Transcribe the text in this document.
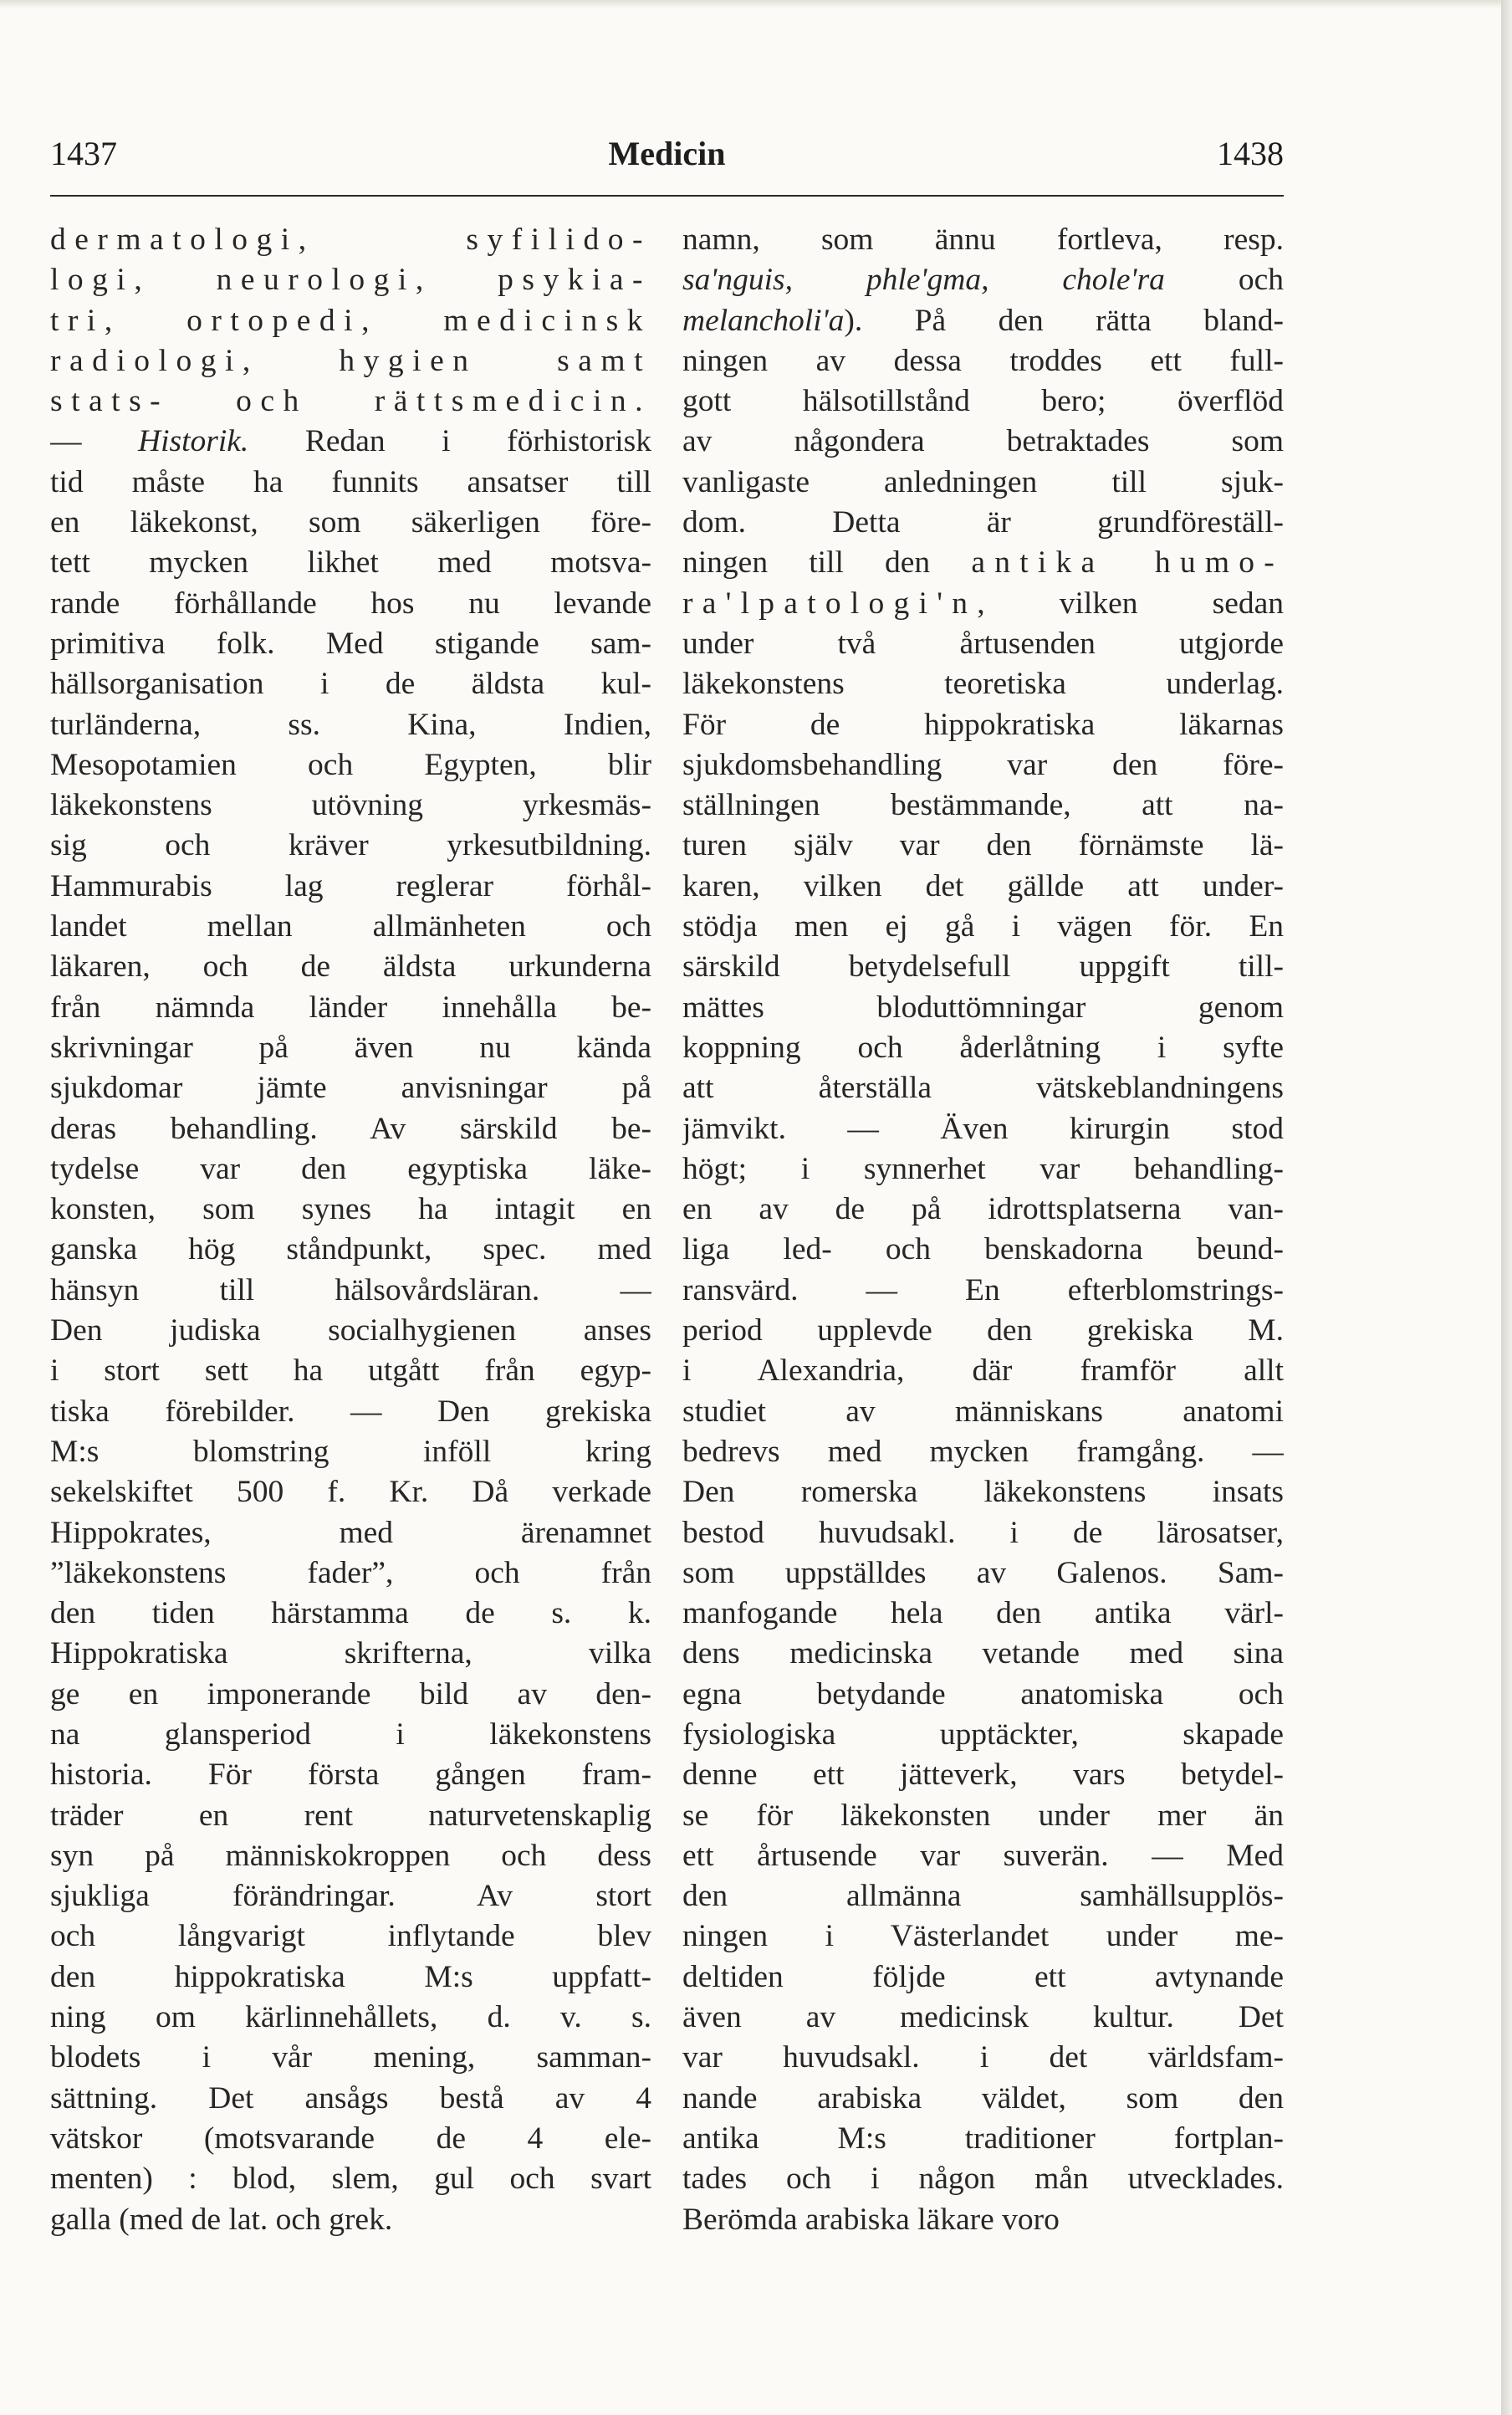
1437	Medicin	1438
dermatologi, syfilido-
logi, neurologi, psykia-
tri, ortopedi, medicinsk
radiologi, hygien samt
stats- och rättsmedicin.
— Historik. Redan i förhistorisk
tid måste ha funnits ansatser till
en läkekonst, som säkerligen före-
tett mycken likhet med motsva-
rande förhållande hos nu levande
primitiva folk. Med stigande sam-
hällsorganisation i de äldsta kul-
turländerna, ss. Kina, Indien,
Mesopotamien och Egypten, blir
läkekonstens utövning yrkesmäs-
sig och kräver yrkesutbildning.
Hammurabis lag reglerar förhål-
landet mellan allmänheten och
läkaren, och de äldsta urkunderna
från nämnda länder innehålla be-
skrivningar på även nu kända
sjukdomar jämte anvisningar på
deras behandling. Av särskild be-
tydelse var den egyptiska läke-
konsten, som synes ha intagit en
ganska hög ståndpunkt, spec. med
hänsyn till hälsovårdsläran. —
Den judiska socialhygienen anses
i stort sett ha utgått från egyp-
tiska förebilder. — Den grekiska
M:s blomstring inföll kring
sekelskiftet 500 f. Kr. Då verkade
Hippokrates, med ärenamnet
”läkekonstens fader”, och från
den tiden härstamma de s. k.
Hippokratiska skrifterna, vilka
ge en imponerande bild av den-
na glansperiod i läkekonstens
historia. För första gången fram-
träder en rent naturvetenskaplig
syn på människokroppen och dess
sjukliga förändringar. Av stort
och långvarigt inflytande blev
den hippokratiska M:s uppfatt-
ning om kärlinnehållets, d. v. s.
blodets i vår mening, samman-
sättning. Det ansågs bestå av 4
vätskor (motsvarande de 4 ele-
menten) : blod, slem, gul och svart
galla (med de lat. och grek.
namn, som ännu fortleva, resp.
sa'nguis, phle'gma, chole'ra och
melancholi'a). På den rätta bland-
ningen av dessa troddes ett full-
gott hälsotillstånd bero; överflöd
av någondera betraktades som
vanligaste anledningen till sjuk-
dom. Detta är grundföreställ-
ningen till den antika humo-
ra'lpatologi'n, vilken sedan
under två årtusenden utgjorde
läkekonstens teoretiska underlag.
För de hippokratiska läkarnas
sjukdomsbehandling var den före-
ställningen bestämmande, att na-
turen själv var den förnämste lä-
karen, vilken det gällde att under-
stödja men ej gå i vägen för. En
särskild betydelsefull uppgift till-
mättes bloduttömningar genom
koppning och åderlåtning i syfte
att återställa vätskeblandningens
jämvikt. — Även kirurgin stod
högt; i synnerhet var behandling-
en av de på idrottsplatserna van-
liga led- och benskadorna beund-
ransvärd. — En efterblomstrings-
period upplevde den grekiska M.
i Alexandria, där framför allt
studiet av människans anatomi
bedrevs med mycken framgång. —
Den romerska läkekonstens insats
bestod huvudsakl. i de lärosatser,
som uppställdes av Galenos. Sam-
manfogande hela den antika värl-
dens medicinska vetande med sina
egna betydande anatomiska och
fysiologiska upptäckter, skapade
denne ett jätteverk, vars betydel-
se för läkekonsten under mer än
ett årtusende var suverän. — Med
den allmänna samhällsupplös-
ningen i Västerlandet under me-
deltiden följde ett avtynande
även av medicinsk kultur. Det
var huvudsakl. i det världsfam-
nande arabiska väldet, som den
antika M:s traditioner fortplan-
tades och i någon mån utvecklades.
Berömda arabiska läkare voro
